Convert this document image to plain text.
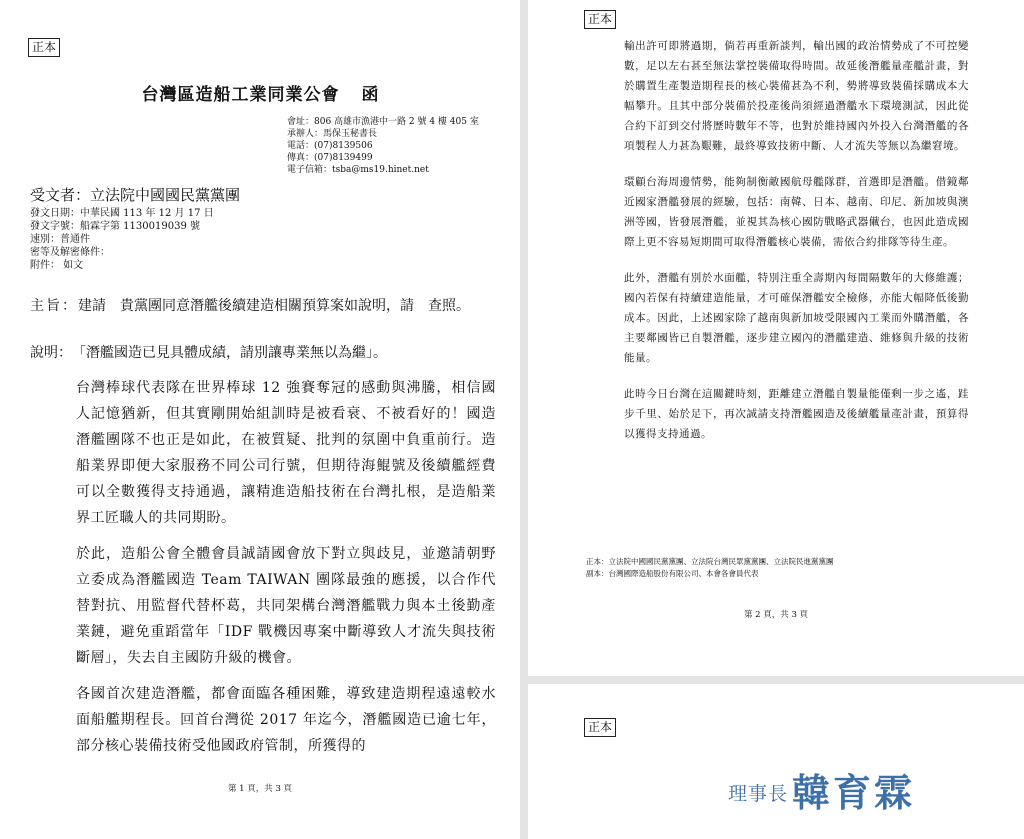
正本
台灣區造船工業同業公會 函
會址：806 高雄市漁港中一路 2 號 4 樓 405 室
承辦人：馬保玉秘書長
電話：(07)8139506
傳真：(07)8139499
電子信箱：tsba@ms19.hinet.net
受文者：立法院中國國民黨黨團
發文日期：中華民國 113 年 12 月 17 日
發文字號：船霖字第 1130019039 號
速別：普通件
密等及解密條件：
附件： 如文
主旨： 建請　貴黨團同意潛艦後續建造相關預算案如說明，請　查照。
說明： 「潛艦國造已見具體成績，請別讓專業無以為繼」。

台灣棒球代表隊在世界棒球 12 強賽奪冠的感動與沸騰，相信國人記憶猶新，但其實剛開始組訓時是被看衰、不被看好的！國造潛艦團隊不也正是如此，在被質疑、批判的氛圍中負重前行。造船業界即便大家服務不同公司行號，但期待海鯤號及後續艦經費可以全數獲得支持通過，讓精進造船技術在台灣扎根，是造船業界工匠職人的共同期盼。

於此，造船公會全體會員誠請國會放下對立與歧見，並邀請朝野立委成為潛艦國造 Team TAIWAN 團隊最強的應援，以合作代替對抗、用監督代替杯葛，共同架構台灣潛艦戰力與本土後勤產業鏈，避免重蹈當年「IDF 戰機因專案中斷導致人才流失與技術斷層」，失去自主國防升級的機會。

各國首次建造潛艦，都會面臨各種困難，導致建造期程遠遠較水面船艦期程長。回首台灣從 2017 年迄今，潛艦國造已逾七年，部分核心裝備技術受他國政府管制，所獲得的

第 1 頁，共 3 頁
正本

輸出許可即將過期，倘若再重新談判，輸出國的政治情勢成了不可控變數，足以左右甚至無法掌控裝備取得時間。故延後潛艦量產艦計畫，對於購置生產製造期程長的核心裝備甚為不利，勢將導致裝備採購成本大幅攀升。且其中部分裝備於投產後尚須經過潛艦水下環境測試，因此從合約下訂到交付將歷時數年不等，也對於維持國內外投入台灣潛艦的各項製程人力甚為艱難，最終導致技術中斷、人才流失等無以為繼窘境。

環顧台海周邊情勢，能夠制衡敵國航母艦隊群，首選即是潛艦。借鏡鄰近國家潛艦發展的經驗，包括：南韓、日本、越南、印尼、新加坡與澳洲等國，皆發展潛艦，並視其為核心國防戰略武器儎台，也因此造成國際上更不容易短期間可取得潛艦核心裝備，需依合約排隊等待生產。

此外，潛艦有別於水面艦，特別注重全壽期內每間隔數年的大修維護；國內若保有持續建造能量，才可確保潛艦安全檢修，亦能大幅降低後勤成本。因此，上述國家除了越南與新加坡受限國內工業而外購潛艦，各主要鄰國皆已自製潛艦，逐步建立國內的潛艦建造、維修與升級的技術能量。

此時今日台灣在這關鍵時刻，距離建立潛艦自製量能僅剩一步之遙，跬步千里、始於足下，再次誠請支持潛艦國造及後續艦量產計畫，預算得以獲得支持通過。

正本：立法院中國國民黨黨團、立法院台灣民眾黨黨團、立法院民進黨黨團
副本：台灣國際造船股份有限公司、本會各會員代表
第 2 頁，共 3 頁
正本
理事長 韓育霖
